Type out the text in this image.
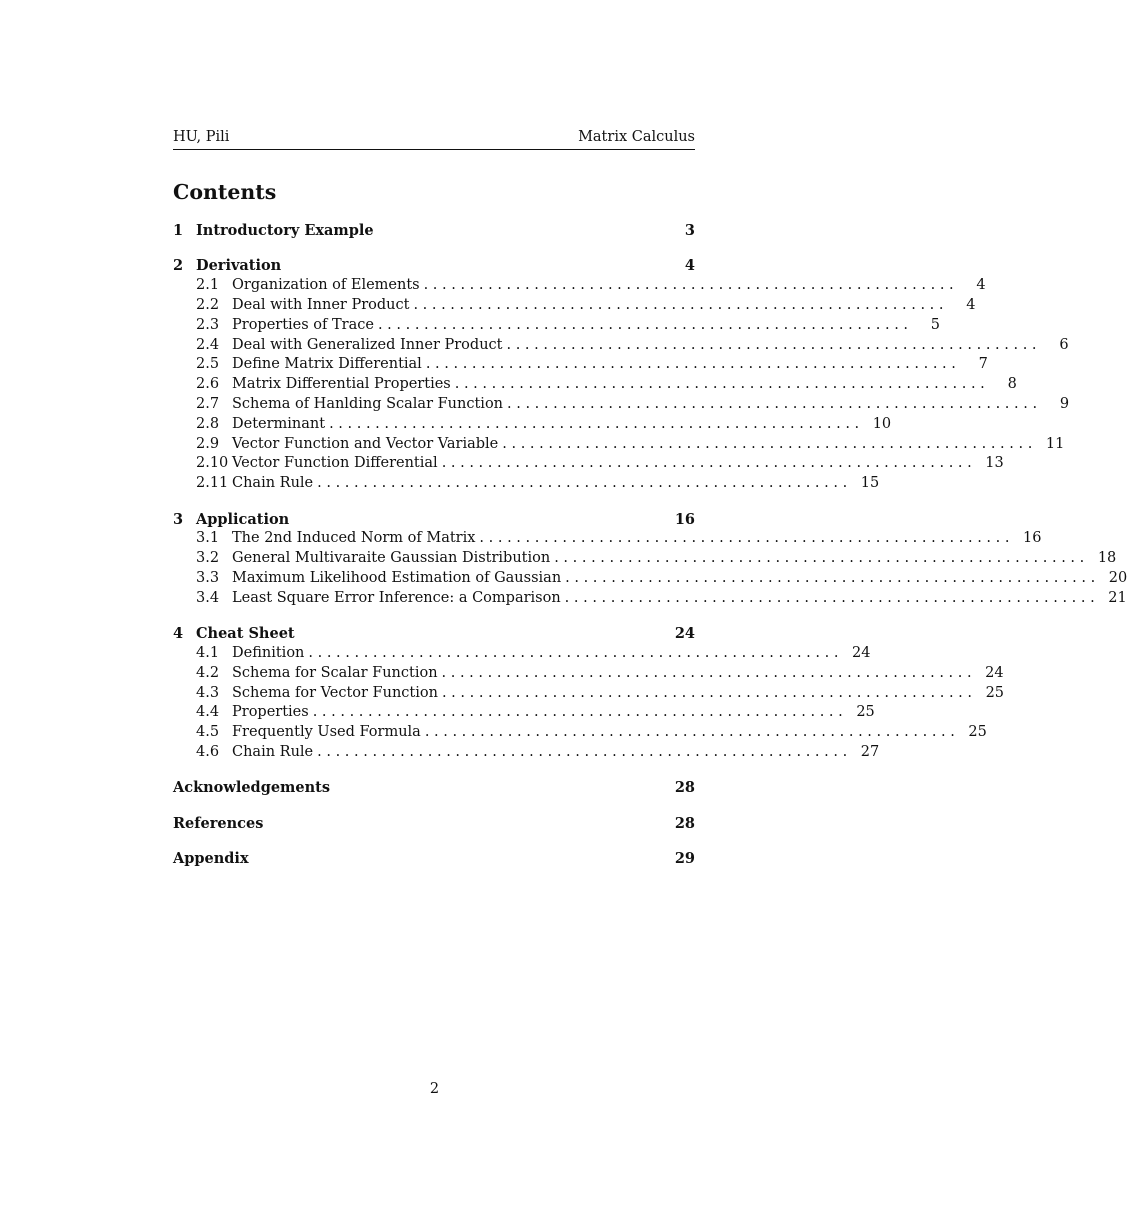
HU, Pili	Matrix Calculus
Contents
1 Introductory Example	3
2 Derivation	4
2.1 Organization of Elements . . . . . . . . . . . . . . . . . . . . . . . . . . . . . . . . . . . . . . . . . . . . . . . . . . . . . . . . . .	4
2.2 Deal with Inner Product . . . . . . . . . . . . . . . . . . . . . . . . . . . . . . . . . . . . . . . . . . . . . . . . . . . . . . . . . .	4
2.3 Properties of Trace . . . . . . . . . . . . . . . . . . . . . . . . . . . . . . . . . . . . . . . . . . . . . . . . . . . . . . . . . .	5
2.4 Deal with Generalized Inner Product . . . . . . . . . . . . . . . . . . . . . . . . . . . . . . . . . . . . . . . . . . . . . . . . . . . . . . . . . .	6
2.5 Define Matrix Differential . . . . . . . . . . . . . . . . . . . . . . . . . . . . . . . . . . . . . . . . . . . . . . . . . . . . . . . . . .	7
2.6 Matrix Differential Properties . . . . . . . . . . . . . . . . . . . . . . . . . . . . . . . . . . . . . . . . . . . . . . . . . . . . . . . . . .	8
2.7 Schema of Hanlding Scalar Function . . . . . . . . . . . . . . . . . . . . . . . . . . . . . . . . . . . . . . . . . . . . . . . . . . . . . . . . . .	9
2.8 Determinant . . . . . . . . . . . . . . . . . . . . . . . . . . . . . . . . . . . . . . . . . . . . . . . . . . . . . . . . . . 10
2.9 Vector Function and Vector Variable . . . . . . . . . . . . . . . . . . . . . . . . . . . . . . . . . . . . . . . . . . . . . . . . . . . . . . . . . . 11
2.10 Vector Function Differential . . . . . . . . . . . . . . . . . . . . . . . . . . . . . . . . . . . . . . . . . . . . . . . . . . . . . . . . . . 13
2.11 Chain Rule . . . . . . . . . . . . . . . . . . . . . . . . . . . . . . . . . . . . . . . . . . . . . . . . . . . . . . . . . . 15
3 Application	16
3.1 The 2nd Induced Norm of Matrix . . . . . . . . . . . . . . . . . . . . . . . . . . . . . . . . . . . . . . . . . . . . . . . . . . . . . . . . . . 16
3.2 General Multivaraite Gaussian Distribution . . . . . . . . . . . . . . . . . . . . . . . . . . . . . . . . . . . . . . . . . . . . . . . . . . . . . . . . . . 18
3.3 Maximum Likelihood Estimation of Gaussian . . . . . . . . . . . . . . . . . . . . . . . . . . . . . . . . . . . . . . . . . . . . . . . . . . . . . . . . . . 20
3.4 Least Square Error Inference: a Comparison . . . . . . . . . . . . . . . . . . . . . . . . . . . . . . . . . . . . . . . . . . . . . . . . . . . . . . . . . . 21
4 Cheat Sheet	24
4.1 Definition . . . . . . . . . . . . . . . . . . . . . . . . . . . . . . . . . . . . . . . . . . . . . . . . . . . . . . . . . . 24
4.2 Schema for Scalar Function . . . . . . . . . . . . . . . . . . . . . . . . . . . . . . . . . . . . . . . . . . . . . . . . . . . . . . . . . . 24
4.3 Schema for Vector Function . . . . . . . . . . . . . . . . . . . . . . . . . . . . . . . . . . . . . . . . . . . . . . . . . . . . . . . . . . 25
4.4 Properties . . . . . . . . . . . . . . . . . . . . . . . . . . . . . . . . . . . . . . . . . . . . . . . . . . . . . . . . . . 25
4.5 Frequently Used Formula . . . . . . . . . . . . . . . . . . . . . . . . . . . . . . . . . . . . . . . . . . . . . . . . . . . . . . . . . . 25
4.6 Chain Rule . . . . . . . . . . . . . . . . . . . . . . . . . . . . . . . . . . . . . . . . . . . . . . . . . . . . . . . . . . 27
Acknowledgements	28
References	28
Appendix	29
2
